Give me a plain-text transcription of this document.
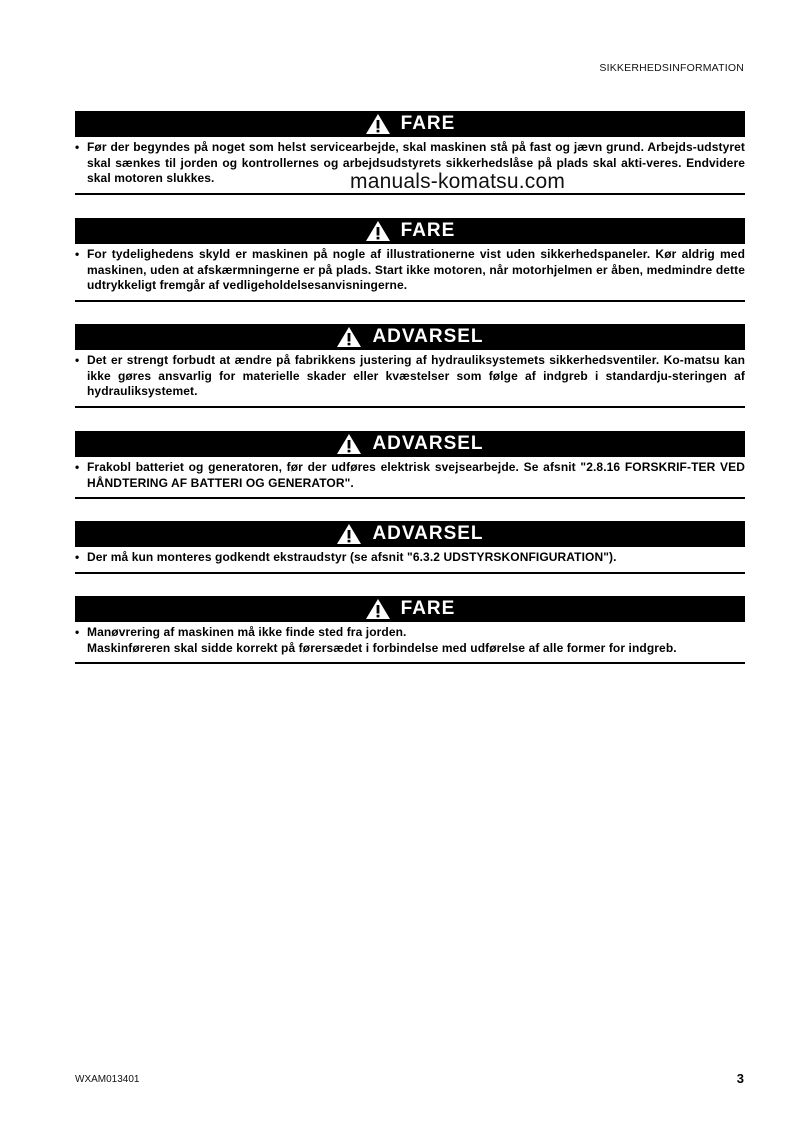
SIKKERHEDSINFORMATION
FARE
• Før der begyndes på noget som helst servicearbejde, skal maskinen stå på fast og jævn grund. Arbejds-udstyret skal sænkes til jorden og kontrollernes og arbejdsudstyrets sikkerhedslåse på plads skal akti-veres. Endvidere skal motoren slukkes.	manuals-komatsu.com
FARE
• For tydelighedens skyld er maskinen på nogle af illustrationerne vist uden sikkerhedspaneler. Kør aldrig med maskinen, uden at afskærmningerne er på plads. Start ikke motoren, når motorhjelmen er åben, medmindre dette udtrykkeligt fremgår af vedligeholdelsesanvisningerne.
ADVARSEL
• Det er strengt forbudt at ændre på fabrikkens justering af hydrauliksystemets sikkerhedsventiler. Ko-matsu kan ikke gøres ansvarlig for materielle skader eller kvæstelser som følge af indgreb i standardju-steringen af hydrauliksystemet.
ADVARSEL
• Frakobl batteriet og generatoren, før der udføres elektrisk svejsearbejde. Se afsnit "2.8.16 FORSKRIF-TER VED HÅNDTERING AF BATTERI OG GENERATOR".
ADVARSEL
• Der må kun monteres godkendt ekstraudstyr (se afsnit "6.3.2 UDSTYRSKONFIGURATION").
FARE
• Manøvrering af maskinen må ikke finde sted fra jorden.
Maskinføreren skal sidde korrekt på førersædet i forbindelse med udførelse af alle former for indgreb.
WXAM013401	3
